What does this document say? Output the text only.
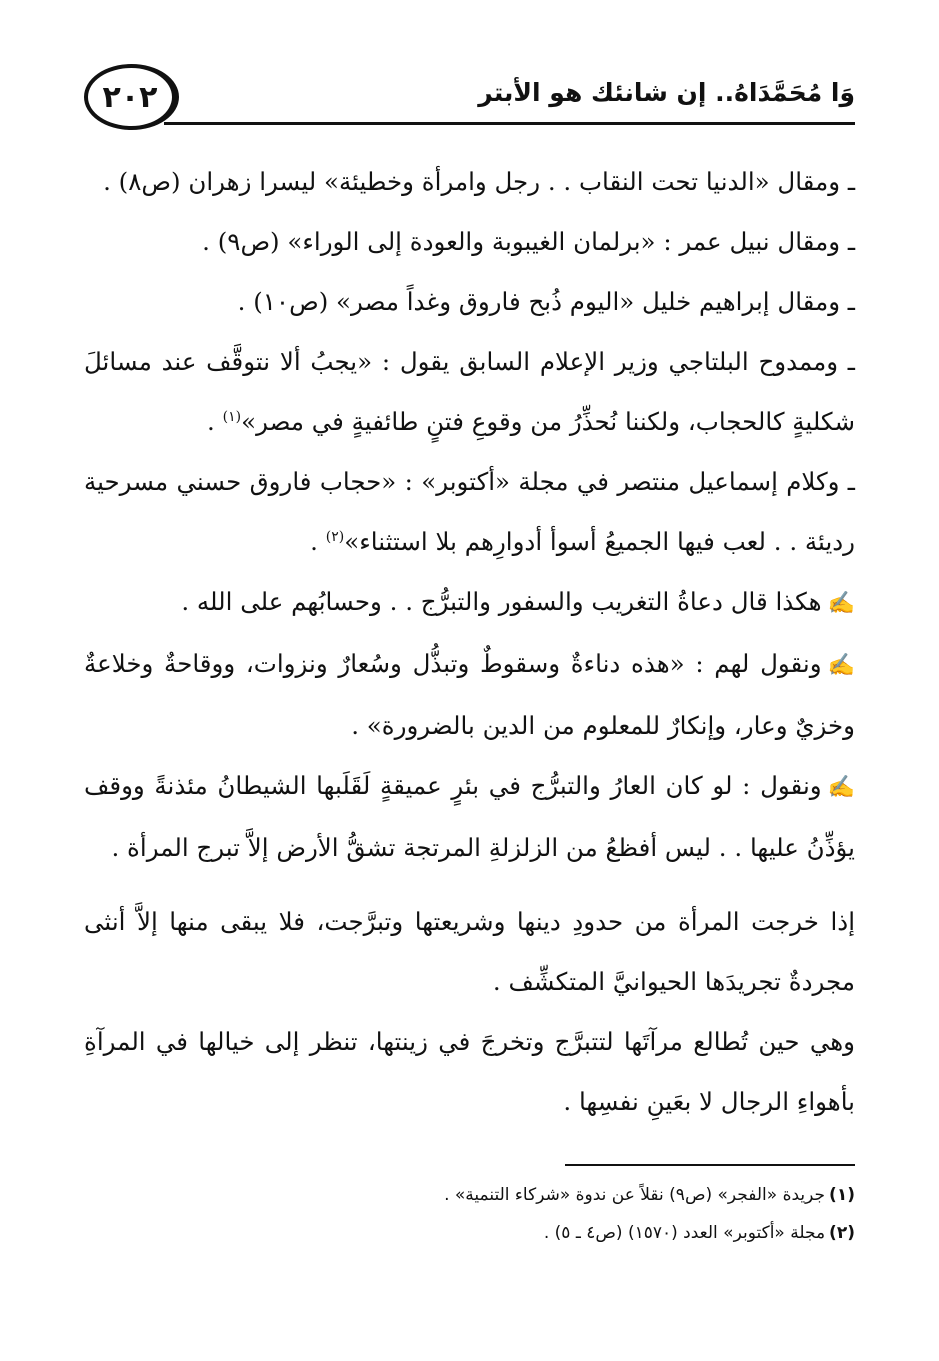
٢٠٢	وَا مُحَمَّدَاهُ.. إن شانئك هو الأبتر

ـ ومقال «الدنيا تحت النقاب . . رجل وامرأة وخطيئة» ليسرا زهران (ص٨) .

ـ ومقال نبيل عمر : «برلمان الغيبوبة والعودة إلى الوراء» (ص٩) .

ـ ومقال إبراهيم خليل «اليوم ذُبح فاروق وغداً مصر» (ص١٠) .

ـ وممدوح البلتاجي وزير الإعلام السابق يقول : «يجبُ ألا نتوقَّف عند مسائلَ شكليةٍ كالحجاب، ولكننا نُحذِّرُ من وقوعِ فتنٍ طائفيةٍ في مصر»$^{(١)}$ .

ـ وكلام إسماعيل منتصر في مجلة «أكتوبر» : «حجاب فاروق حسني مسرحية رديئة . . لعب فيها الجميعُ أسوأ أدوارِهم بلا استثناء»$^{(٢)}$ .

✍هكذا قال دعاةُ التغريب والسفور والتبرُّج . . وحسابُهم على الله .

✍ونقول لهم : «هذه دناءةٌ وسقوطٌ وتبذُّل وسُعارٌ ونزوات، ووقاحةٌ وخلاعةٌ وخزيٌ وعار، وإنكارٌ للمعلوم من الدين بالضرورة» .

✍ونقول : لو كان العارُ والتبرُّج في بئرٍ عميقةٍ لَقَلَبها الشيطانُ مئذنةً ووقف يؤذِّنُ عليها . . ليس أفظعُ من الزلزلةِ المرتجة تشقُّ الأرض إلاَّ تبرج المرأة .

إذا خرجت المرأة من حدودِ دينها وشريعتها وتبرَّجت، فلا يبقى منها إلاَّ أنثى مجردةٌ تجريدَها الحيوانيَّ المتكشِّف .

وهي حين تُطالع مرآتَها لتتبرَّج وتخرجَ في زينتها، تنظر إلى خيالها في المرآةِ بأهواءِ الرجال لا بعَينِ نفسِها .

(١)جريدة «الفجر» (ص٩) نقلاً عن ندوة «شركاء التنمية» .

(٢)مجلة «أكتوبر» العدد (١٥٧٠) (ص٤ ـ ٥) .
